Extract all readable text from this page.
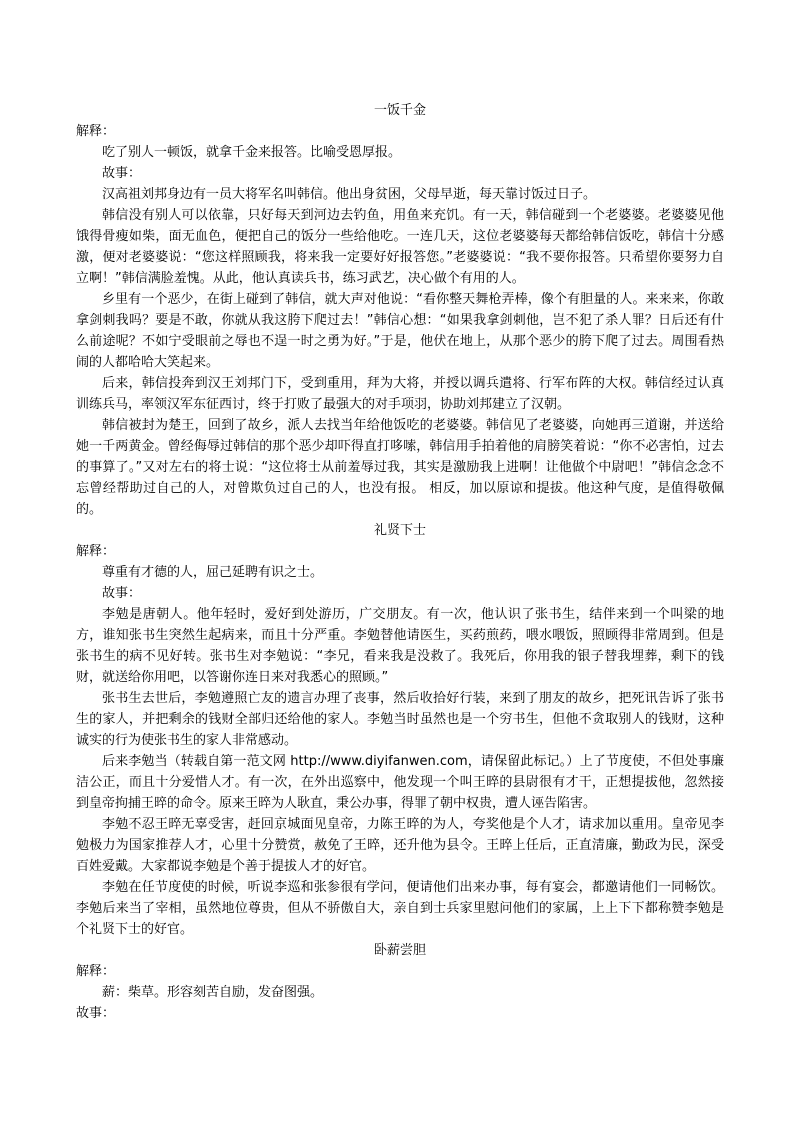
一饭千金

解释：

吃了别人一顿饭，就拿千金来报答。比喻受恩厚报。

故事：

汉高祖刘邦身边有一员大将军名叫韩信。他出身贫困，父母早逝，每天靠讨饭过日子。

韩信没有别人可以依靠，只好每天到河边去钓鱼，用鱼来充饥。有一天，韩信碰到一个老婆婆。老婆婆见他饿得骨瘦如柴，面无血色，便把自己的饭分一些给他吃。一连几天，这位老婆婆每天都给韩信饭吃，韩信十分感激，便对老婆婆说：“您这样照顾我，将来我一定要好好报答您。”老婆婆说：“我不要你报答。只希望你要努力自立啊！”韩信满脸羞愧。从此，他认真读兵书，练习武艺，决心做个有用的人。

乡里有一个恶少，在街上碰到了韩信，就大声对他说：“看你整天舞枪弄棒，像个有胆量的人。来来来，你敢拿剑刺我吗？要是不敢，你就从我这胯下爬过去！”韩信心想：“如果我拿剑刺他，岂不犯了杀人罪？日后还有什么前途呢？不如宁受眼前之辱也不逞一时之勇为好。”于是，他伏在地上，从那个恶少的胯下爬了过去。周围看热闹的人都哈哈大笑起来。

后来，韩信投奔到汉王刘邦门下，受到重用，拜为大将，并授以调兵遣将、行军布阵的大权。韩信经过认真训练兵马，率领汉军东征西讨，终于打败了最强大的对手项羽，协助刘邦建立了汉朝。

韩信被封为楚王，回到了故乡，派人去找当年给他饭吃的老婆婆。韩信见了老婆婆，向她再三道谢，并送给她一千两黄金。曾经侮辱过韩信的那个恶少却吓得直打哆嗦，韩信用手拍着他的肩膀笑着说：“你不必害怕，过去的事算了。”又对左右的将士说：“这位将士从前羞辱过我，其实是激励我上进啊！让他做个中尉吧！”韩信念念不忘曾经帮助过自己的人，对曾欺负过自己的人，也没有报。 相反，加以原谅和提拔。他这种气度，是值得敬佩的。

礼贤下士

解释：

尊重有才德的人，屈己延聘有识之士。

故事：

李勉是唐朝人。他年轻时，爱好到处游历，广交朋友。有一次，他认识了张书生，结伴来到一个叫梁的地方，谁知张书生突然生起病来，而且十分严重。李勉替他请医生，买药煎药，喂水喂饭，照顾得非常周到。但是张书生的病不见好转。张书生对李勉说：“李兄，看来我是没救了。我死后，你用我的银子替我埋葬，剩下的钱财，就送给你用吧，以答谢你连日来对我悉心的照顾。”

张书生去世后，李勉遵照亡友的遗言办理了丧事，然后收拾好行装，来到了朋友的故乡，把死讯告诉了张书生的家人，并把剩余的钱财全部归还给他的家人。李勉当时虽然也是一个穷书生，但他不贪取别人的钱财，这种诚实的行为使张书生的家人非常感动。

后来李勉当（转载自第一范文网 http://www.diyifanwen.com，请保留此标记。）上了节度使，不但处事廉洁公正，而且十分爱惜人才。有一次，在外出巡察中，他发现一个叫王晬的县尉很有才干，正想提拔他，忽然接到皇帝拘捕王晬的命令。原来王晬为人耿直，秉公办事，得罪了朝中权贵，遭人诬告陷害。

李勉不忍王晬无辜受害，赶回京城面见皇帝，力陈王晬的为人，夸奖他是个人才，请求加以重用。皇帝见李勉极力为国家推荐人才，心里十分赞赏，赦免了王晬，还升他为县令。王晬上任后，正直清廉，勤政为民，深受百姓爱戴。大家都说李勉是个善于提拔人才的好官。

李勉在任节度使的时候，听说李巡和张参很有学问，便请他们出来办事，每有宴会，都邀请他们一同畅饮。李勉后来当了宰相，虽然地位尊贵，但从不骄傲自大，亲自到士兵家里慰问他们的家属，上上下下都称赞李勉是个礼贤下士的好官。

卧薪尝胆

解释：

薪：柴草。形容刻苦自励，发奋图强。

故事：
